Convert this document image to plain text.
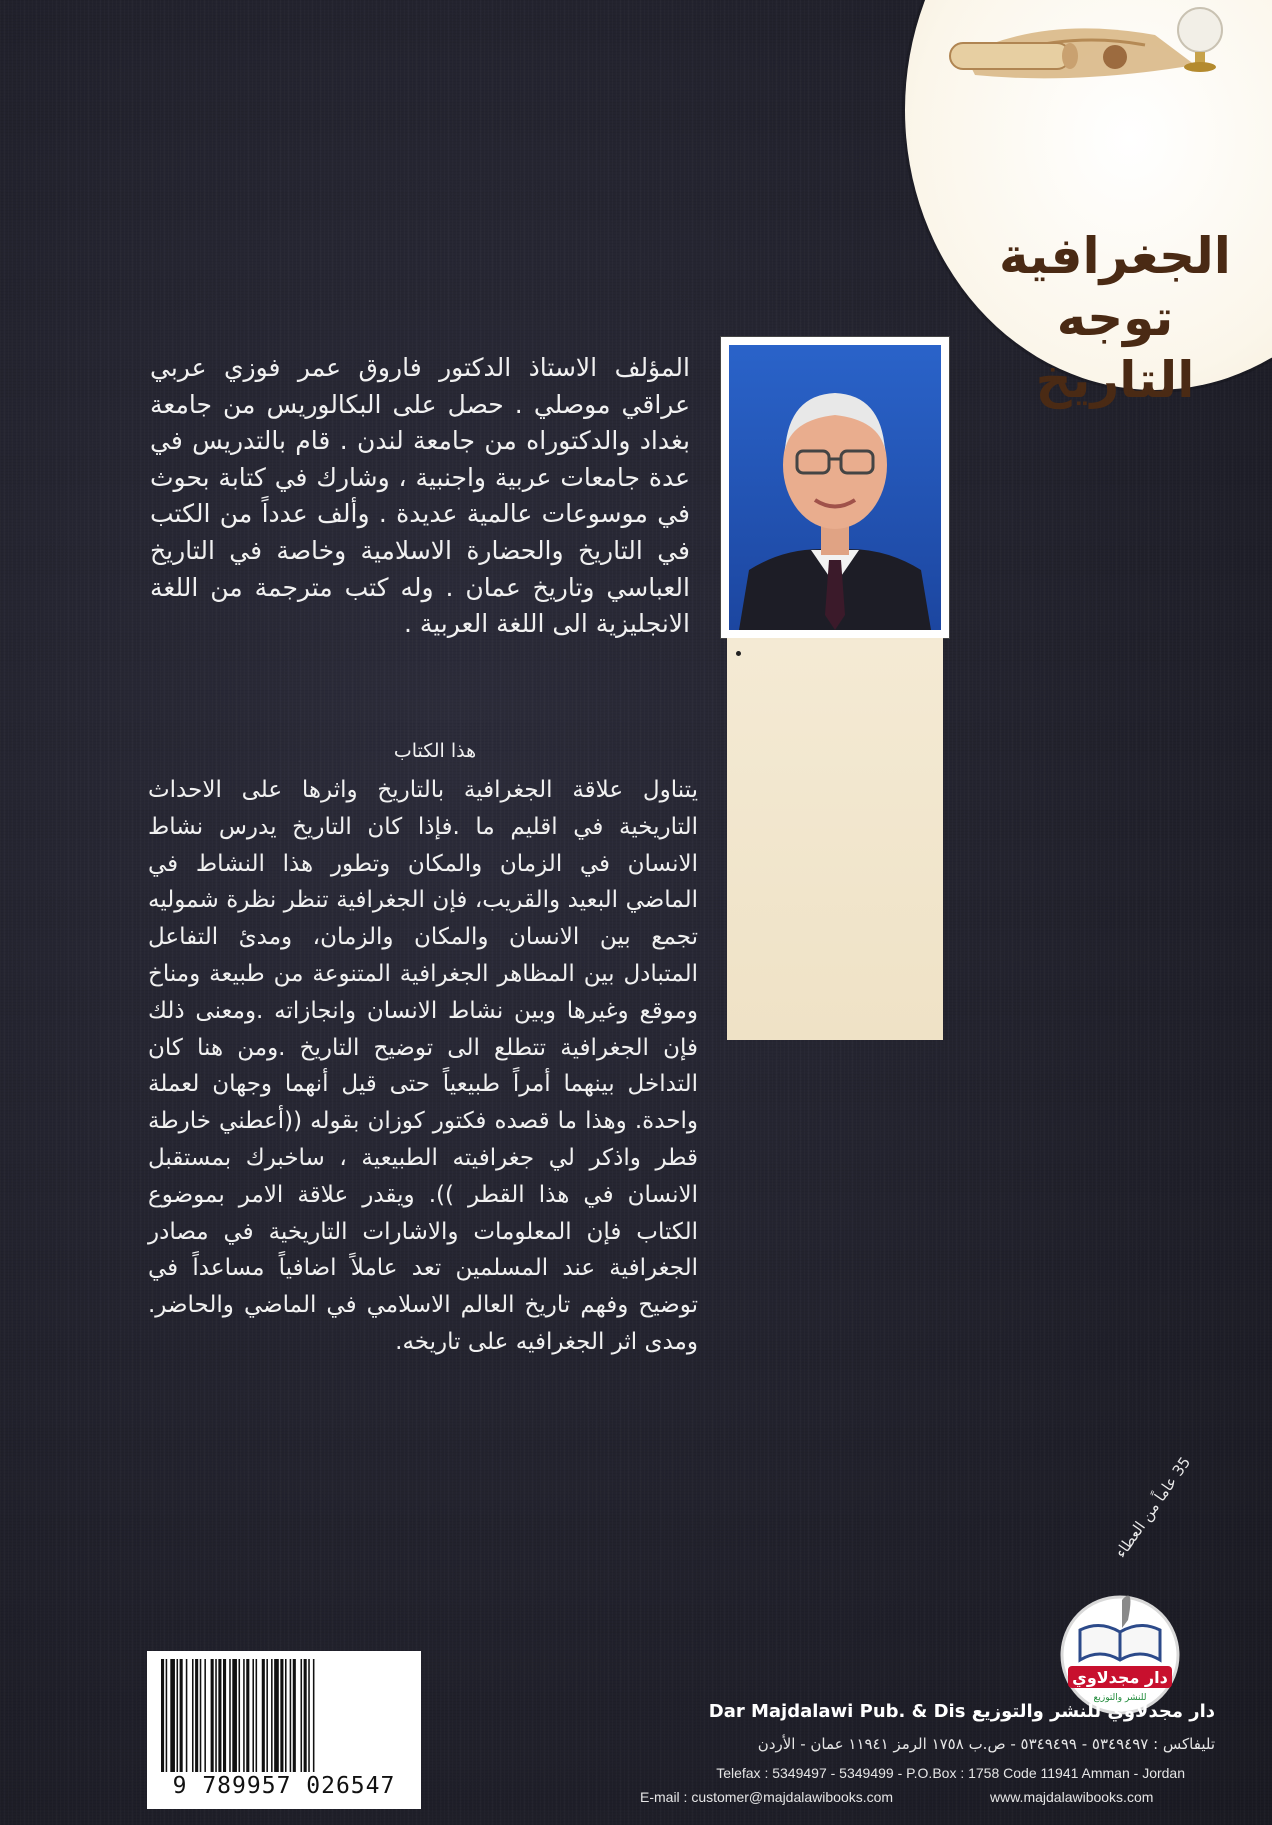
الجغرافية
توجه التاريخ
المؤلف الاستاذ الدكتور فاروق عمر فوزي عربي عراقي موصلي . حصل على البكالوريس من جامعة بغداد والدكتوراه من جامعة لندن . قام بالتدريس في عدة جامعات عربية واجنبية ، وشارك في كتابة بحوث في موسوعات عالمية عديدة . وألف عدداً من الكتب في التاريخ والحضارة الاسلامية وخاصة في التاريخ العباسي وتاريخ عمان . وله كتب مترجمة من اللغة الانجليزية الى اللغة العربية .
هذا الكتاب
يتناول علاقة الجغرافية بالتاريخ واثرها على الاحداث التاريخية في اقليم ما .فإذا كان التاريخ يدرس نشاط الانسان في الزمان والمكان وتطور هذا النشاط في الماضي البعيد والقريب، فإن الجغرافية تنظر نظرة شموليه تجمع بين الانسان والمكان والزمان، ومدئ التفاعل المتبادل بين المظاهر الجغرافية المتنوعة من طبيعة ومناخ وموقع وغيرها وبين نشاط الانسان وانجازاته .ومعنى ذلك فإن الجغرافية تتطلع الى توضيح التاريخ .ومن هنا كان التداخل بينهما أمراً طبيعياً حتى قيل أنهما وجهان لعملة واحدة. وهذا ما قصده فكتور كوزان بقوله ((أعطني خارطة قطر واذكر لي جغرافيته الطبيعية ، ساخبرك بمستقبل الانسان في هذا القطر )). ويقدر علاقة الامر بموضوع الكتاب فإن المعلومات والاشارات التاريخية في مصادر الجغرافية عند المسلمين تعد عاملاً اضافياً مساعداً في توضيح وفهم تاريخ العالم الاسلامي في الماضي والحاضر. ومدى اثر الجغرافيه على تاريخه.
دار مجدلاوي
للنشر والتوزيع
35 عاماً من العطاء
9 789957 026547
Dar Majdalawi Pub. & Dis دار مجدلاوي للنشر والتوزيع
تليفاكس : ٥٣٤٩٤٩٧ - ٥٣٤٩٤٩٩ - ص.ب ١٧٥٨ الرمز ١١٩٤١ عمان - الأردن
Telefax : 5349497 - 5349499 - P.O.Box : 1758 Code 11941 Amman - Jordan
E-mail : customer@majdalawibooks.com	www.majdalawibooks.com
